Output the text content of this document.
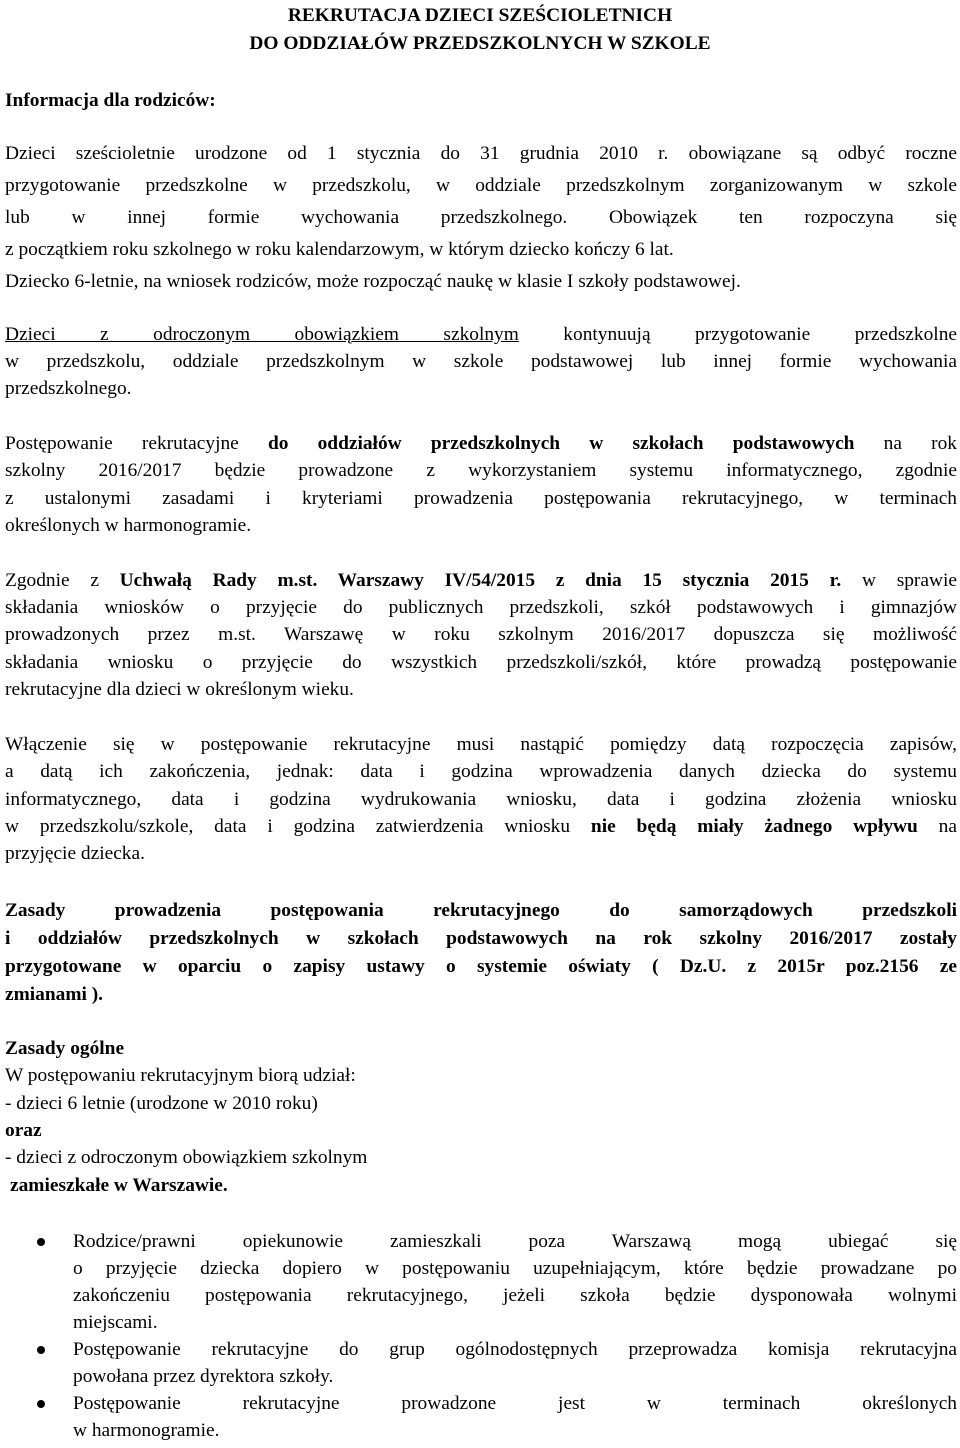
REKRUTACJA DZIECI SZEŚCIOLETNICH
DO ODDZIAŁÓW PRZEDSZKOLNYCH W SZKOLE
Informacja dla rodziców:
Dzieci sześcioletnie urodzone od 1 stycznia do 31 grudnia 2010 r. obowiązane są odbyć roczne
przygotowanie przedszkolne w przedszkolu, w oddziale przedszkolnym zorganizowanym w szkole
lub w innej formie wychowania przedszkolnego. Obowiązek ten rozpoczyna się
z początkiem roku szkolnego w roku kalendarzowym, w którym dziecko kończy 6 lat.
Dziecko 6-letnie, na wniosek rodziców, może rozpocząć naukę w klasie I szkoły podstawowej.
Dzieci z odroczonym obowiązkiem szkolnym kontynuują przygotowanie przedszkolne
w przedszkolu, oddziale przedszkolnym w szkole podstawowej lub innej formie wychowania
przedszkolnego.
Postępowanie rekrutacyjne do oddziałów przedszkolnych w szkołach podstawowych na rok
szkolny 2016/2017 będzie prowadzone z wykorzystaniem systemu informatycznego, zgodnie
z ustalonymi zasadami i kryteriami prowadzenia postępowania rekrutacyjnego, w terminach
określonych w harmonogramie.
Zgodnie z Uchwałą Rady m.st. Warszawy IV/54/2015 z dnia 15 stycznia 2015 r. w sprawie
składania wniosków o przyjęcie do publicznych przedszkoli, szkół podstawowych i gimnazjów
prowadzonych przez m.st. Warszawę w roku szkolnym 2016/2017 dopuszcza się możliwość
składania wniosku o przyjęcie do wszystkich przedszkoli/szkół, które prowadzą postępowanie
rekrutacyjne dla dzieci w określonym wieku.
Włączenie się w postępowanie rekrutacyjne musi nastąpić pomiędzy datą rozpoczęcia zapisów,
a datą ich zakończenia, jednak: data i godzina wprowadzenia danych dziecka do systemu
informatycznego, data i godzina wydrukowania wniosku, data i godzina złożenia wniosku
w przedszkolu/szkole, data i godzina zatwierdzenia wniosku nie będą miały żadnego wpływu na
przyjęcie dziecka.
Zasady prowadzenia postępowania rekrutacyjnego do samorządowych przedszkoli
i oddziałów przedszkolnych w szkołach podstawowych na rok szkolny 2016/2017 zostały
przygotowane w oparciu o zapisy ustawy o systemie oświaty ( Dz.U. z 2015r poz.2156 ze
zmianami ).
Zasady ogólne
W postępowaniu rekrutacyjnym biorą udział:
- dzieci 6 letnie (urodzone w 2010 roku)
oraz
- dzieci z odroczonym obowiązkiem szkolnym
zamieszkałe w Warszawie.
Rodzice/prawni opiekunowie zamieszkali poza Warszawą mogą ubiegać się
o przyjęcie dziecka dopiero w postępowaniu uzupełniającym, które będzie prowadzane po
zakończeniu postępowania rekrutacyjnego, jeżeli szkoła będzie dysponowała wolnymi
miejscami.
Postępowanie rekrutacyjne do grup ogólnodostępnych przeprowadza komisja rekrutacyjna
powołana przez dyrektora szkoły.
Postępowanie rekrutacyjne prowadzone jest w terminach określonych
w harmonogramie.
